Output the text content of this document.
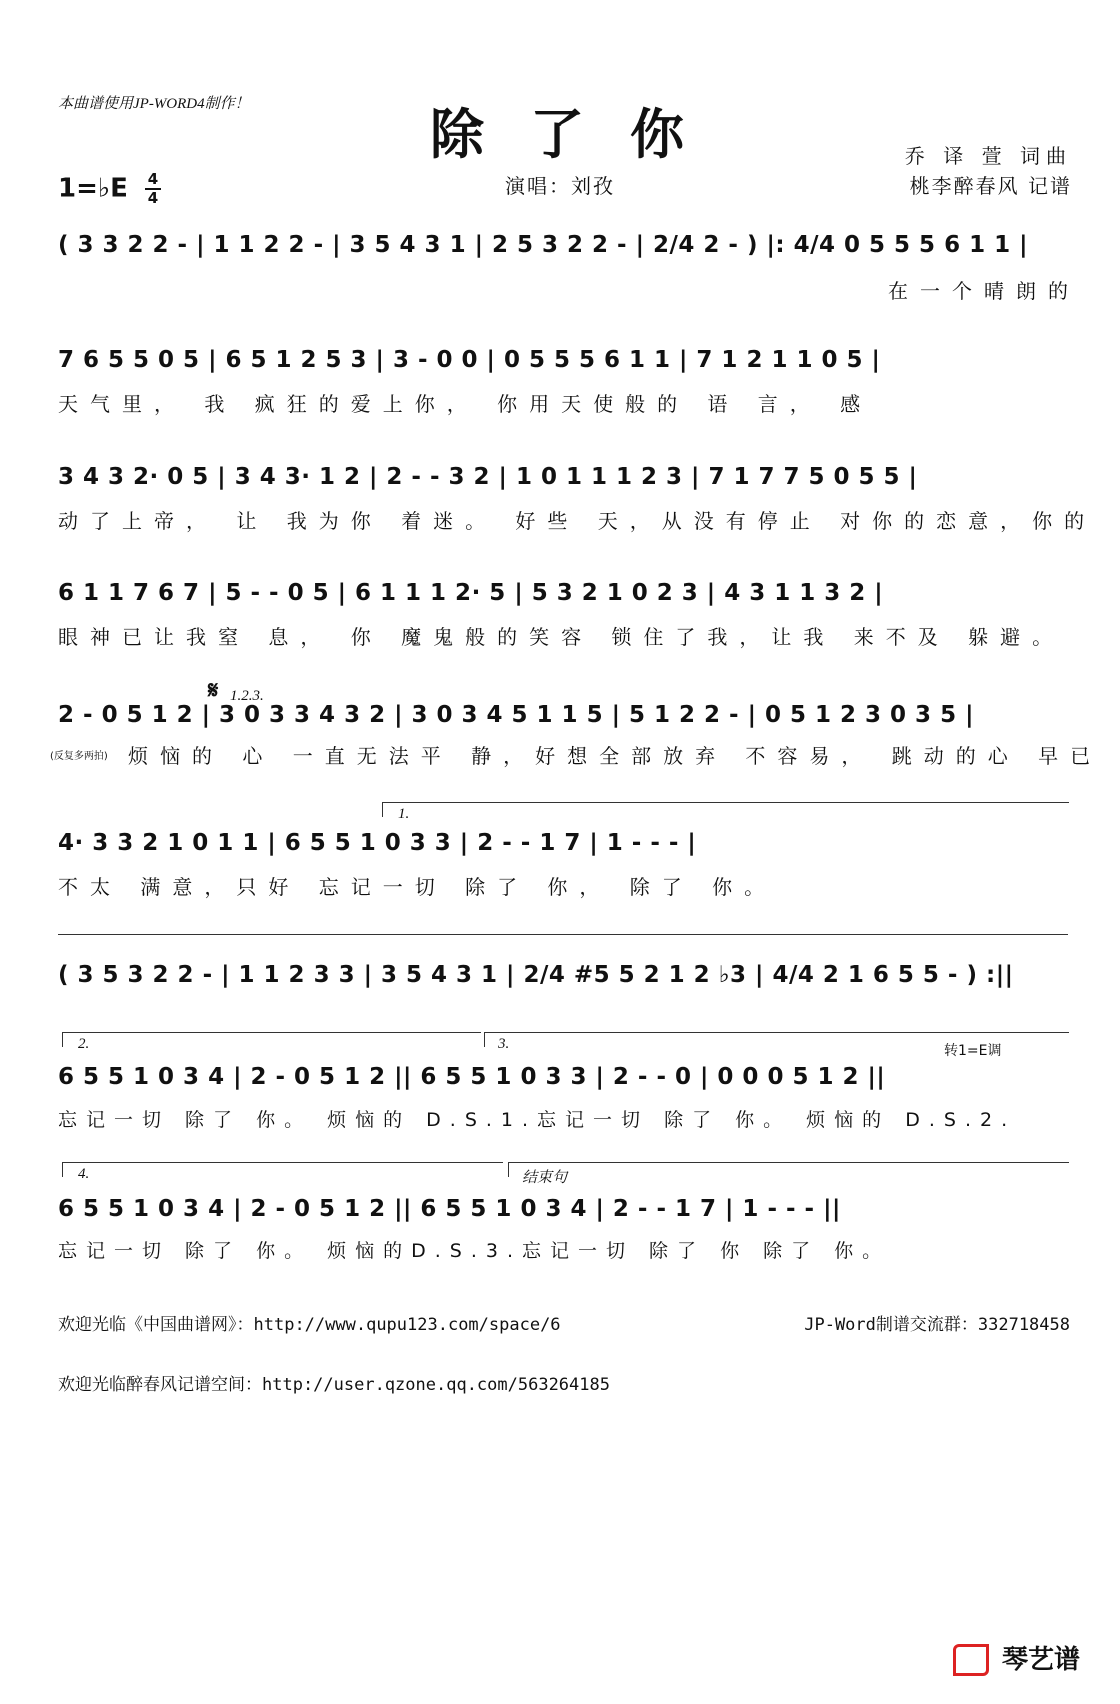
本曲谱使用JP-WORD4制作！	除了你	乔 译 萱 词曲
桃李醉春风 记谱
演唱：刘孜
1=♭E $\frac{4}{4}$
( 3 3 2 2 - | 1 1 2 2 - | 3 5 4 3 1 | 2 5 3 2 2 - | 2/4 2 - ) |: 4/4 0 5 5 5 6 1 1 |
在一个晴朗的
7 6 5 5 0 5 | 6 5 1 2 5 3 | 3 - 0 0 | 0 5 5 5 6 1 1 | 7 1 2 1 1 0 5 |
天气里， 我 疯狂的爱上你， 你用天使般的 语 言， 感
3 4 3 2· 0 5 | 3 4 3· 1 2 | 2 - - 3 2 | 1 0 1 1 1 2 3 | 7 1 7 7 5 0 5 5 |
动了上帝， 让 我为你 着迷。 好些 天，从没有停止 对你的恋意，你的
6 1 1 7 6 7 | 5 - - 0 5 | 6 1 1 1 2· 5 | 5 3 2 1 0 2 3 | 4 3 1 1 3 2 |
眼神已让我窒 息， 你 魔鬼般的笑容 锁住了我，让我 来不及 躲避。
𝄋 1.2.3.
2 - 0 5 1 2 | 3 0 3 3 4 3 2 | 3 0 3 4 5 1 1 5 | 5 1 2 2 - | 0 5 1 2 3 0 3 5 |
(反复多两拍) 烦恼的 心 一直无法平 静，好想全部放弃 不容易， 跳动的心 早已
1.
4· 3 3 2 1 0 1 1 | 6 5 5 1 0 3 3 | 2 - - 1 7 | 1 - - - |
不太 满意，只好 忘记一切 除了 你， 除了 你。
( 3 5 3 2 2 - | 1 1 2 3 3 | 3 5 4 3 1 | 2/4 #5 5 2 1 2 ♭3 | 4/4 2 1 6 5 5 - ) :||
2.	3.	转1=E调
6 5 5 1 0 3 4 | 2 - 0 5 1 2 || 6 5 5 1 0 3 3 | 2 - - 0 | 0 0 0 5 1 2 ||
忘记一切 除了 你。 烦恼的 D.S.1.忘记一切 除了 你。 烦恼的 D.S.2.
4.	结束句
6 5 5 1 0 3 4 | 2 - 0 5 1 2 || 6 5 5 1 0 3 4 | 2 - - 1 7 | 1 - - - ||
忘记一切 除了 你。 烦恼的D.S.3.忘记一切 除了 你 除了 你。
欢迎光临《中国曲谱网》：http://www.qupu123.com/space/6	JP-Word制谱交流群：332718458
欢迎光临醉春风记谱空间：http://user.qzone.qq.com/563264185
琴艺谱
